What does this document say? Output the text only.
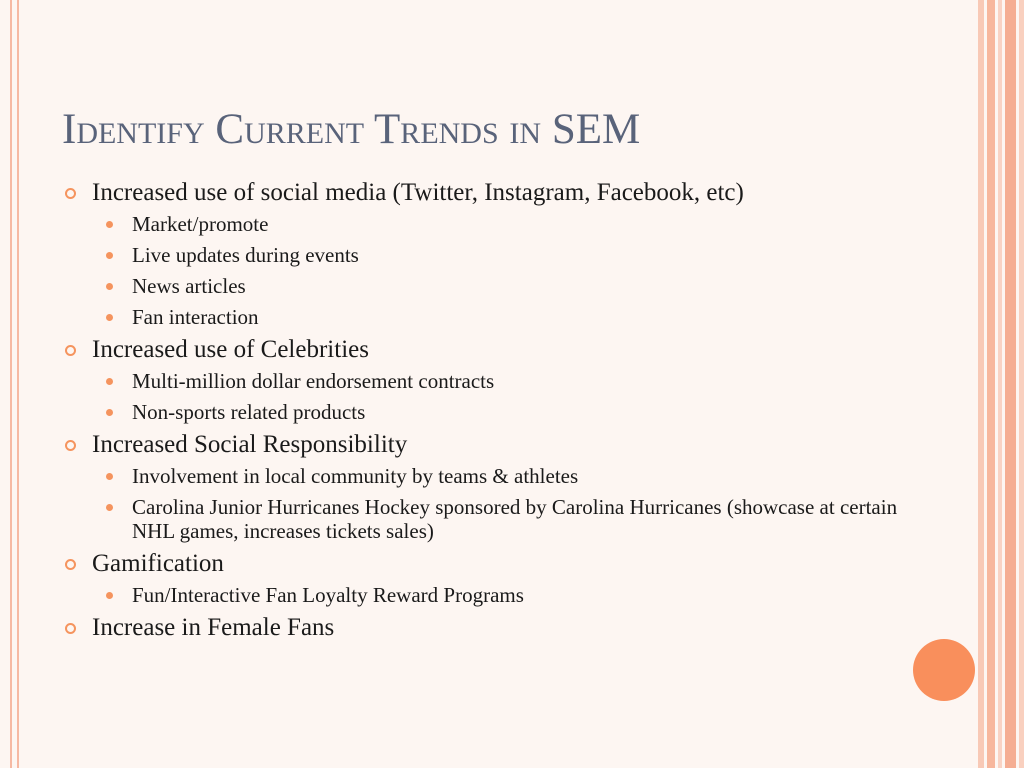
Identify Current Trends in SEM
Increased use of social media (Twitter, Instagram, Facebook, etc)
Market/promote
Live updates during events
News articles
Fan interaction
Increased use of Celebrities
Multi-million dollar endorsement contracts
Non-sports related products
Increased Social Responsibility
Involvement in local community by teams & athletes
Carolina Junior Hurricanes Hockey sponsored by Carolina Hurricanes (showcase at certain NHL games, increases tickets sales)
Gamification
Fun/Interactive Fan Loyalty Reward Programs
Increase in Female Fans
